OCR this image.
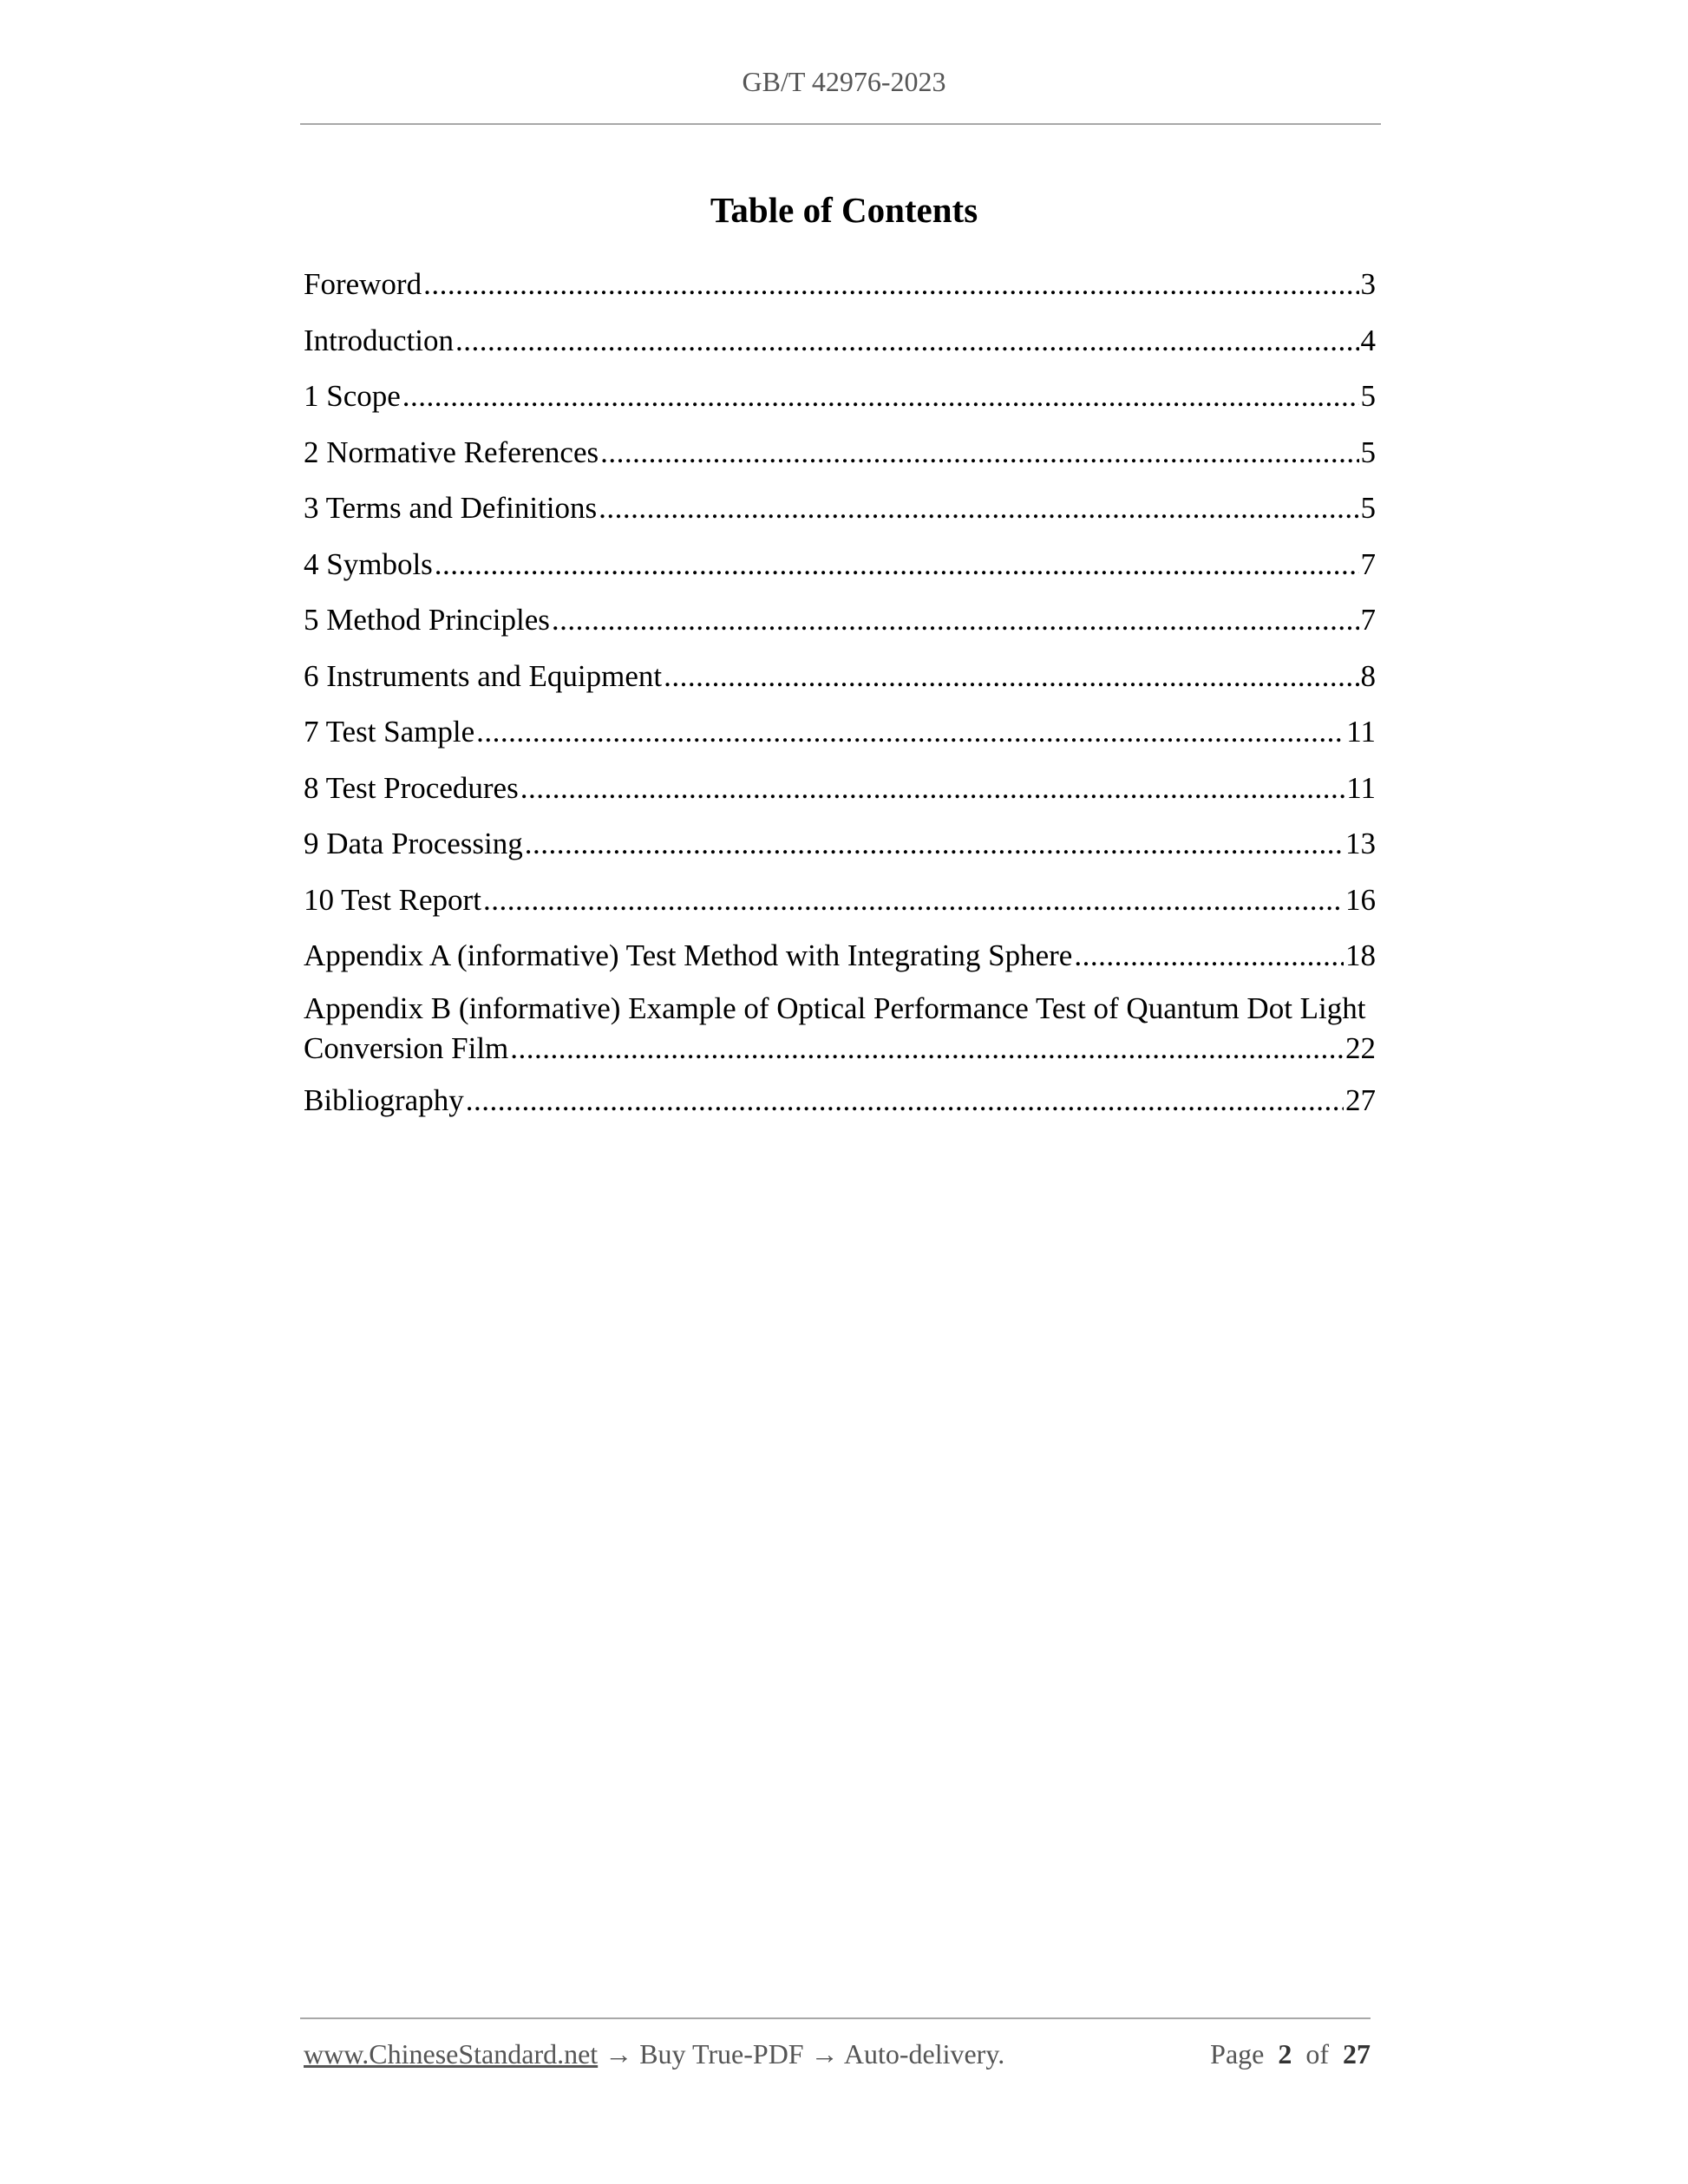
GB/T 42976-2023
Table of Contents
Foreword .....	3
Introduction .....	4
1 Scope .....	5
2 Normative References .....	5
3 Terms and Definitions .....	5
4 Symbols .....	7
5 Method Principles .....	7
6 Instruments and Equipment .....	8
7 Test Sample .....	11
8 Test Procedures .....	11
9 Data Processing .....	13
10 Test Report .....	16
Appendix A (informative) Test Method with Integrating Sphere .....	18
Appendix B (informative) Example of Optical Performance Test of Quantum Dot Light
Conversion Film .....	22
Bibliography .....	27
www.ChineseStandard.net → Buy True-PDF → Auto-delivery.	Page 2 of 27
